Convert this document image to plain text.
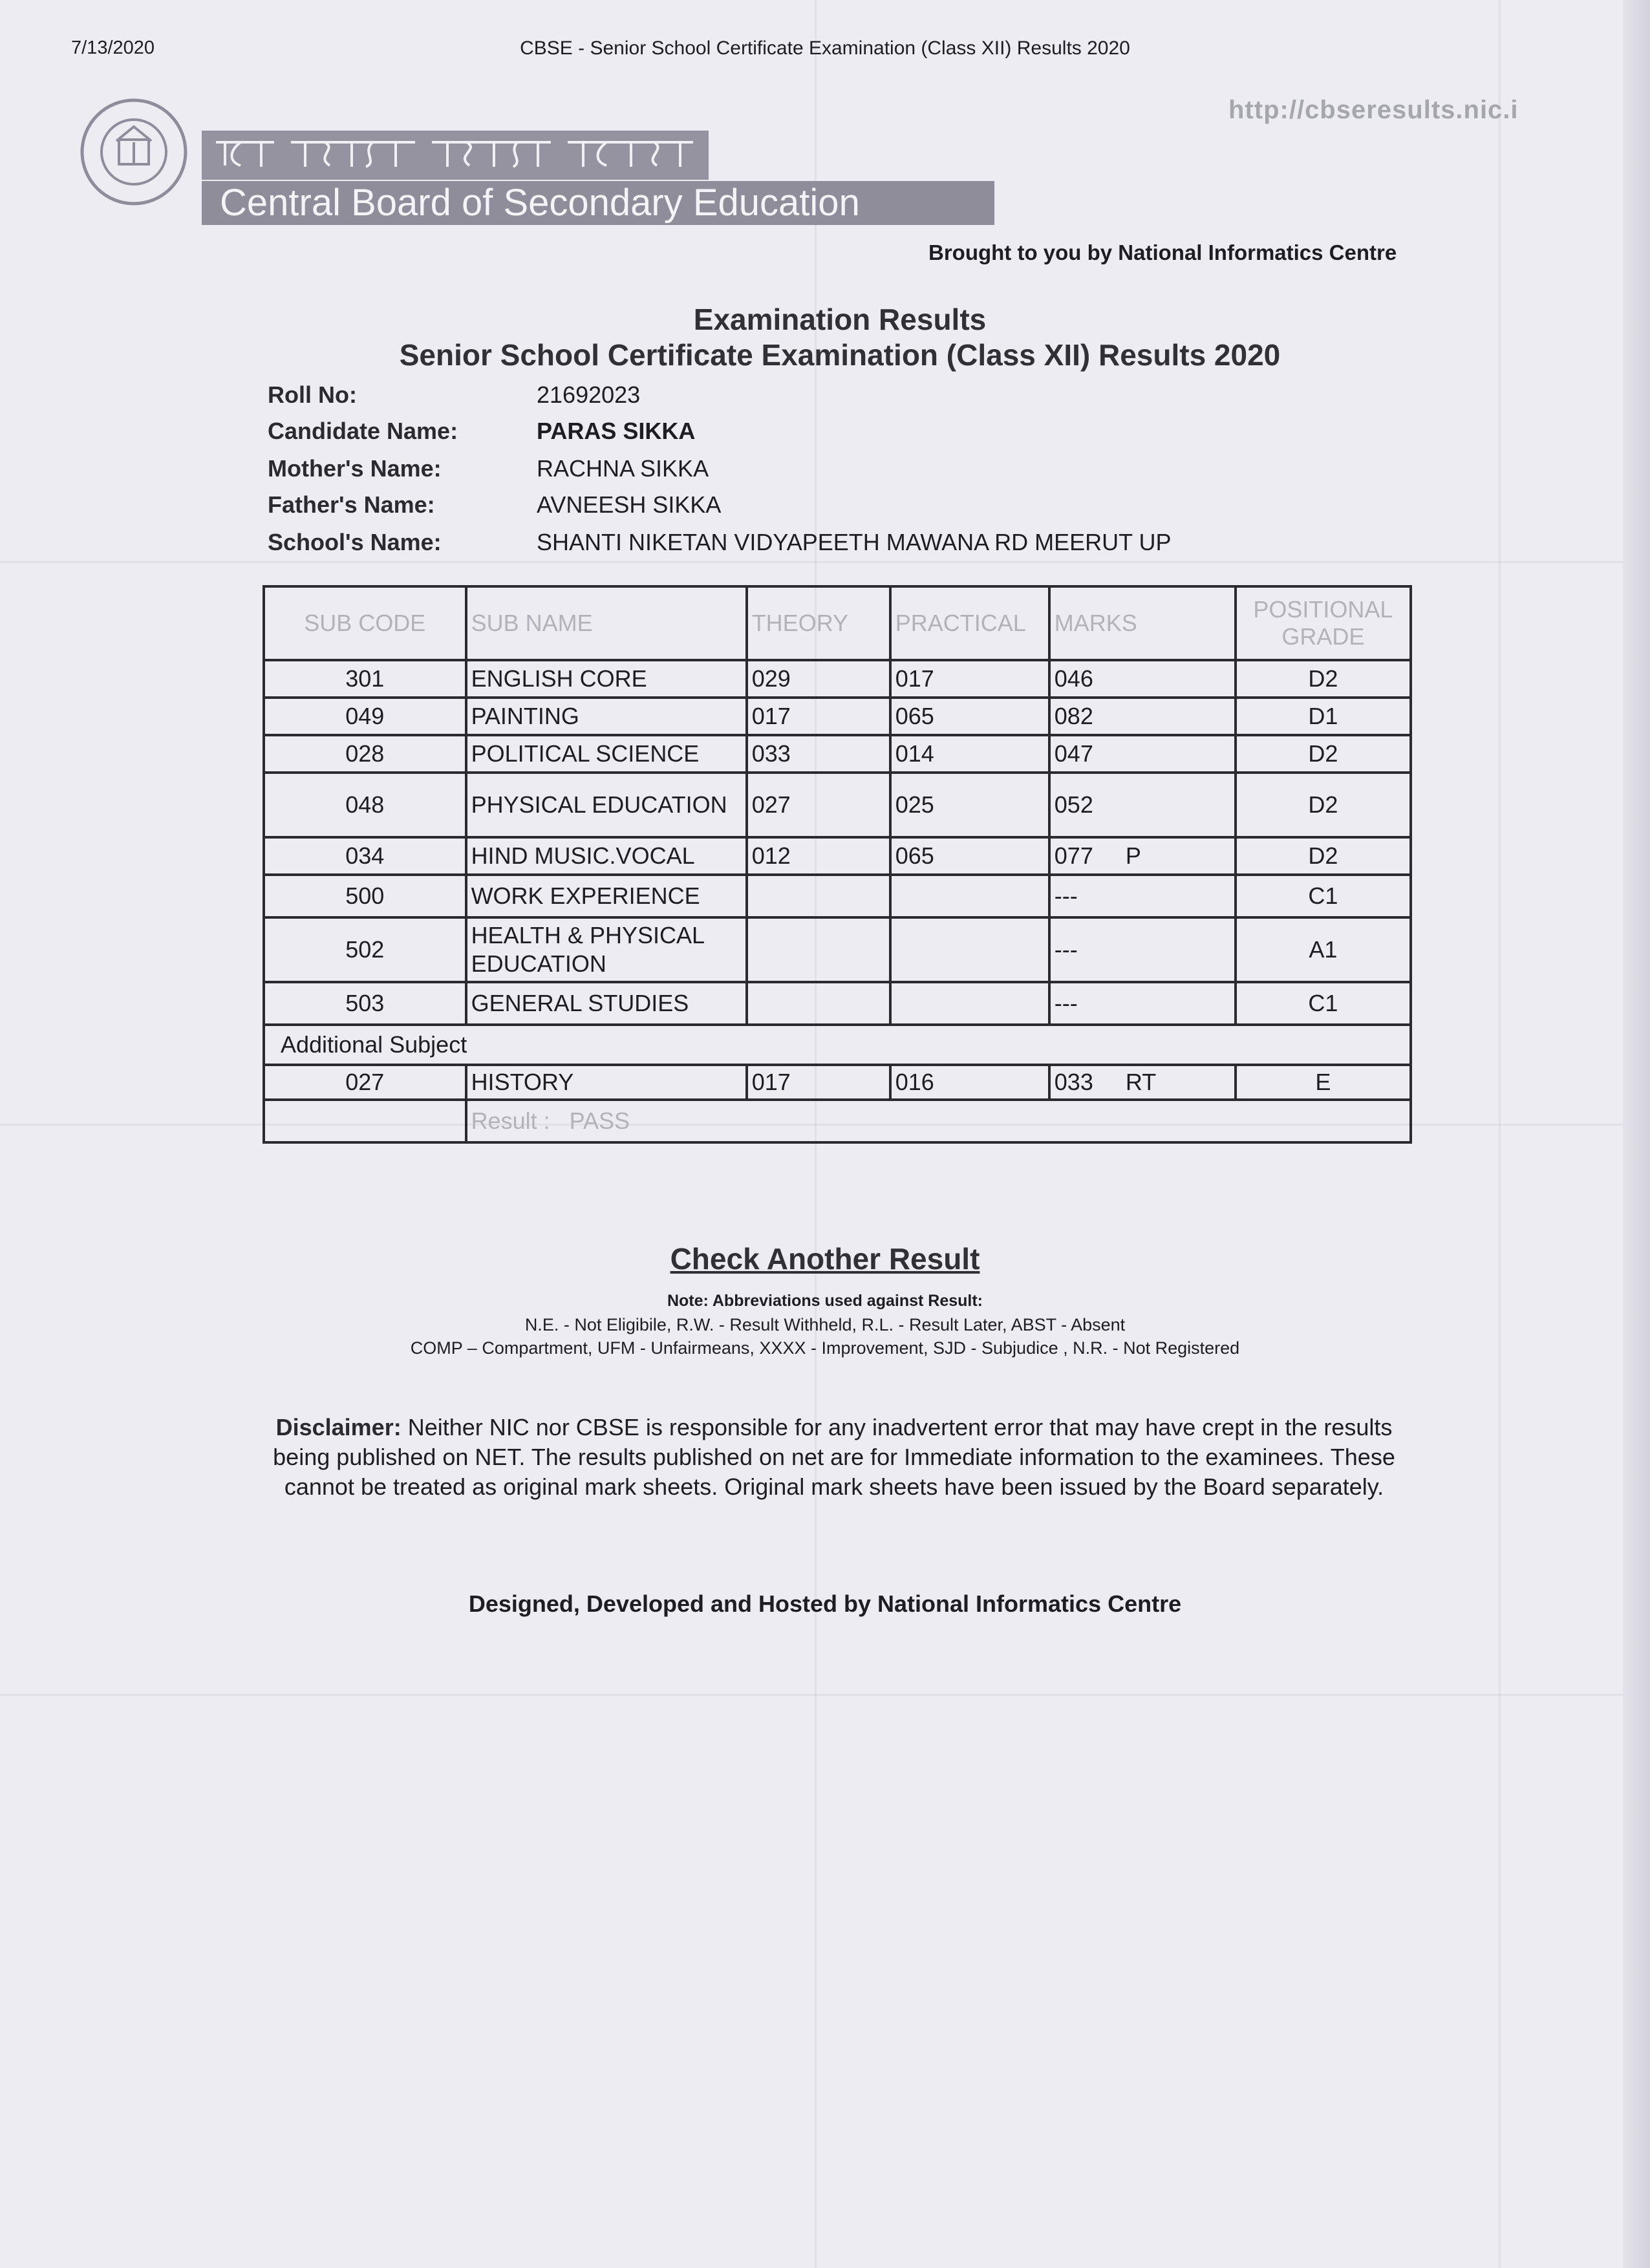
7/13/2020	CBSE - Senior School Certificate Examination (Class XII) Results 2020
http://cbseresults.nic.i
Central Board of Secondary Education
Brought to you by National Informatics Centre
Examination Results
Senior School Certificate Examination (Class XII) Results 2020
Roll No:	21692023
Candidate Name:	PARAS SIKKA
Mother's Name:	RACHNA SIKKA
Father's Name:	AVNEESH SIKKA
School's Name:	SHANTI NIKETAN VIDYAPEETH MAWANA RD MEERUT UP
SUB CODE	SUB NAME	THEORY	PRACTICAL	MARKS	POSITIONAL GRADE
301	ENGLISH CORE	029	017	046	D2
049	PAINTING	017	065	082	D1
028	POLITICAL SCIENCE	033	014	047	D2
048	PHYSICAL EDUCATION	027	025	052	D2
034	HIND MUSIC.VOCAL	012	065	077     P	D2
500	WORK EXPERIENCE			---	C1
502	HEALTH & PHYSICAL EDUCATION			---	A1
503	GENERAL STUDIES			---	C1
Additional Subject					
027	HISTORY	017	016	033     RT	E
	Result : PASS				
Check Another Result
Note: Abbreviations used against Result:
N.E. - Not Eligibile, R.W. - Result Withheld, R.L. - Result Later, ABST - Absent
COMP – Compartment, UFM - Unfairmeans, XXXX - Improvement, SJD - Subjudice , N.R. - Not Registered
Disclaimer: Neither NIC nor CBSE is responsible for any inadvertent error that may have crept in the results being published on NET. The results published on net are for Immediate information to the examinees. These cannot be treated as original mark sheets. Original mark sheets have been issued by the Board separately.
Designed, Developed and Hosted by National Informatics Centre
